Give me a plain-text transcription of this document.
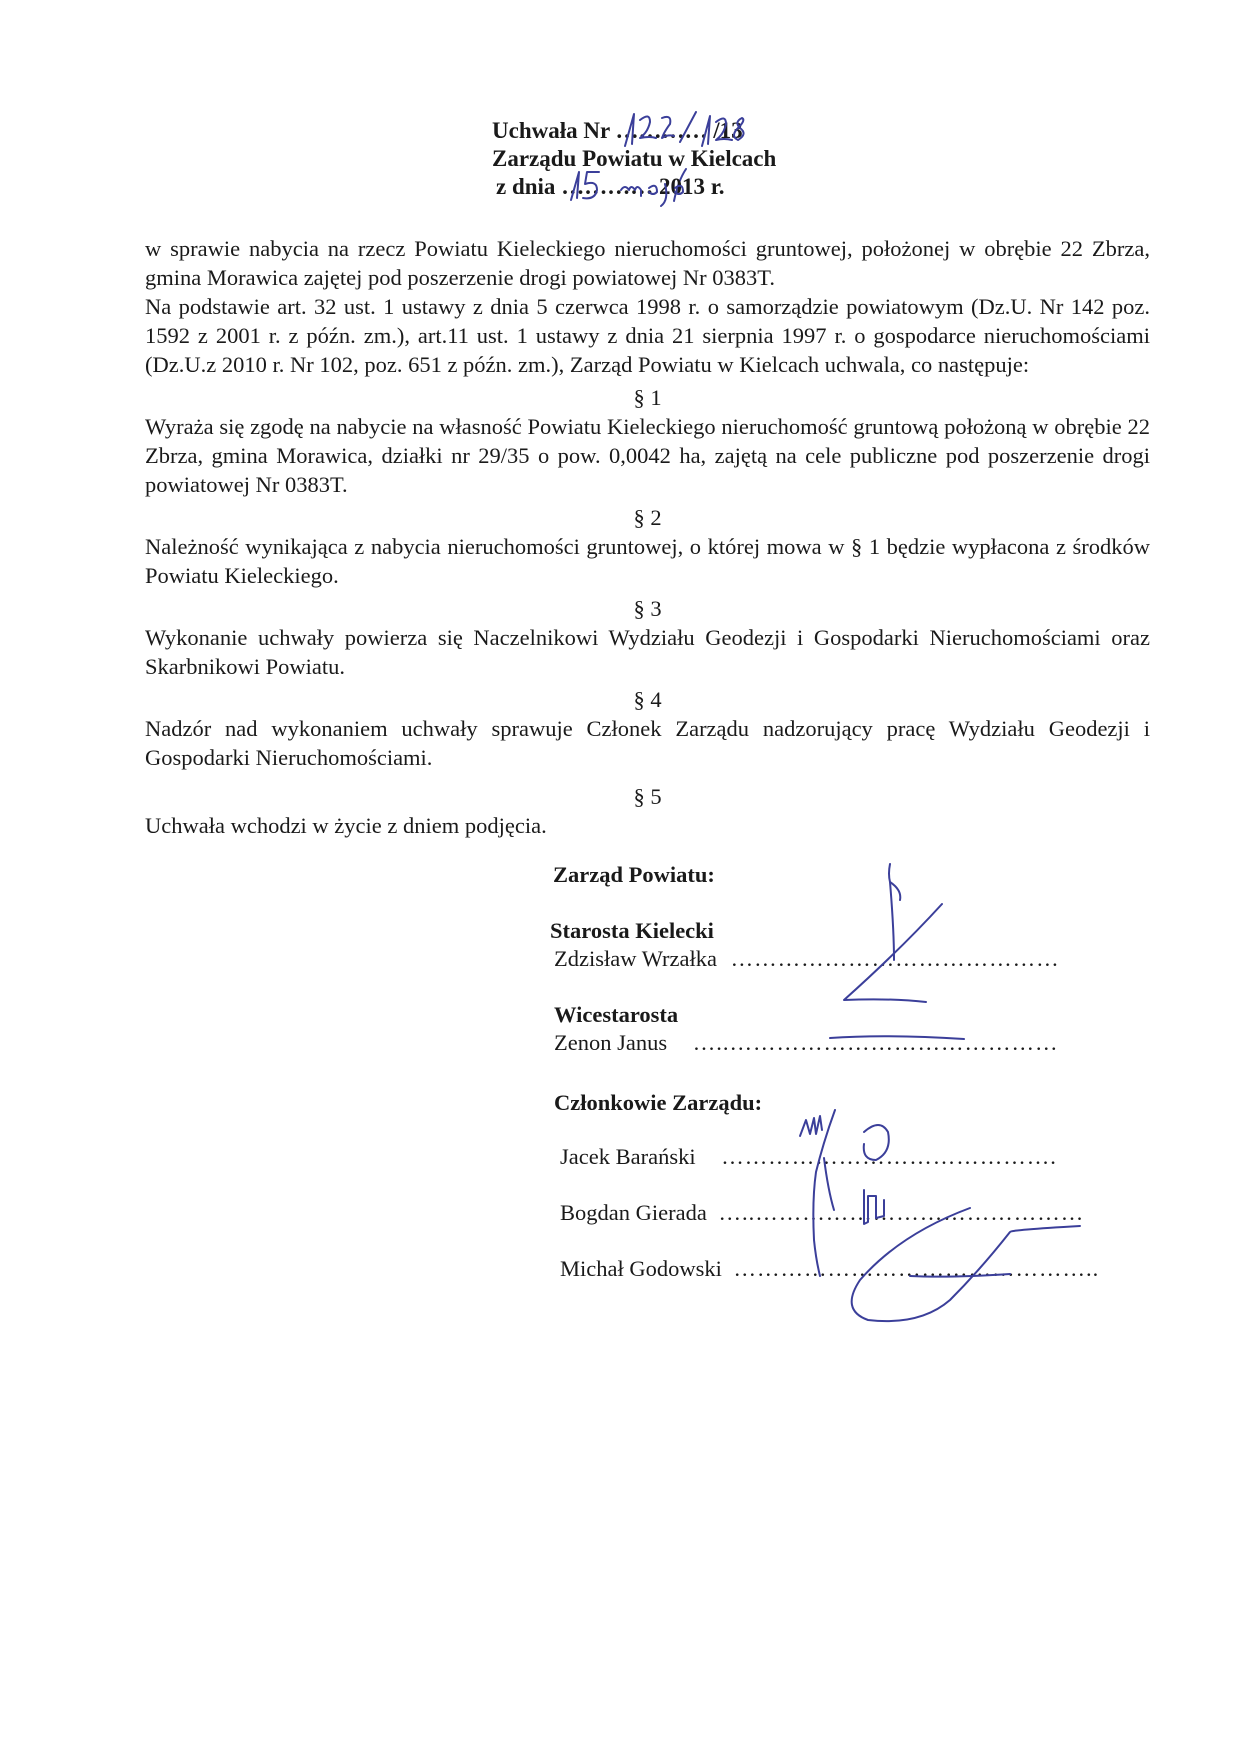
Uchwała Nr ………… /13
Zarządu Powiatu w Kielcach
z dnia ………… 2013 r.

w sprawie nabycia na rzecz Powiatu Kieleckiego nieruchomości gruntowej, położonej w obrębie 22 Zbrza, gmina Morawica zajętej pod poszerzenie drogi powiatowej Nr 0383T.

Na podstawie art. 32 ust. 1 ustawy z dnia 5 czerwca 1998 r. o samorządzie powiatowym (Dz.U. Nr 142 poz. 1592 z 2001 r. z późn. zm.), art.11 ust. 1 ustawy z dnia 21 sierpnia 1997 r. o gospodarce nieruchomościami (Dz.U.z 2010 r. Nr 102, poz. 651 z późn. zm.), Zarząd Powiatu w Kielcach uchwala, co następuje:

§ 1

Wyraża się zgodę na nabycie na własność Powiatu Kieleckiego nieruchomość gruntową położoną w obrębie 22 Zbrza, gmina Morawica, działki nr 29/35 o pow. 0,0042 ha, zajętą na cele publiczne pod poszerzenie drogi powiatowej Nr 0383T.

§ 2

Należność wynikająca z nabycia nieruchomości gruntowej, o której mowa w § 1 będzie wypłacona z środków Powiatu Kieleckiego.

§ 3

Wykonanie uchwały powierza się Naczelnikowi Wydziału Geodezji i Gospodarki Nieruchomościami oraz Skarbnikowi Powiatu.

§ 4

Nadzór nad wykonaniem uchwały sprawuje Członek Zarządu nadzorujący pracę Wydziału Geodezji i Gospodarki Nieruchomościami.

§ 5

Uchwała wchodzi w życie z dniem podjęcia.

Zarząd Powiatu:
Starosta Kielecki
Zdzisław Wrzałka ……………………………………
Wicestarosta
Zenon Janus …..……………………………………
Członkowie Zarządu:
Jacek Barański …………………………………….
Bogdan Gierada …..……………………………………
Michał Godowski ………………………………………..
